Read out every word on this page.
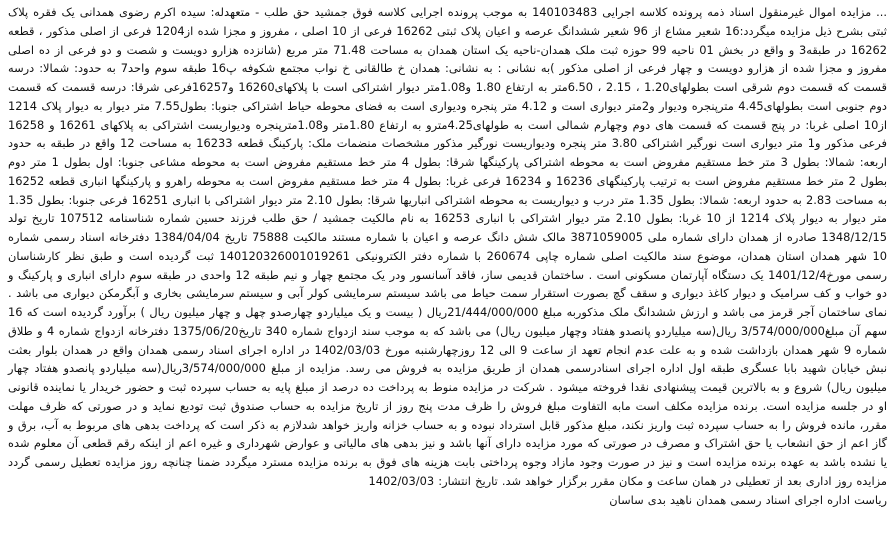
... مزایده اموال غیرمنقول اسناد ذمه پرونده کلاسه اجرایی 140103483 به موجب پرونده اجرایی کلاسه فوق جمشید حق طلب - متعهدله: سیده اکرم رضوی همدانی یک فقره پلاک ثبتی بشرح ذیل مزایده میگردد:16 شعیر مشاع از 96 شعیر ششدانگ عرصه و اعیان پلاک ثبتی 16262 فرعی از 10 اصلی ، مفروز و مجزا شده از1204 فرعی از اصلی مذکور ، قطعه 16262 در طبقه3 و واقع در بخش 01 ناحیه 99 حوزه ثبت ملک همدان-ناحیه یک استان همدان به مساحت 71.48 متر مربع (شانزده هزارو دویست و شصت و دو فرعی از ده اصلی مفروز و مجزا شده از هزارو دویست و چهار فرعی از اصلی مذکور )به نشانی : به نشانی: همدان خ طالقانی خ نواب مجتمع شکوفه پ16 طبقه سوم واحد7 به حدود: شمالا: درسه قسمت که قسمت دوم شرقی است بطولهای1.20 ، 2.15 ، 6.50متر به ارتفاع 1.80 و1.08متر دیوار اشتراکی است با پلاکهای16260 و16257فرعی شرقا: درسه قسمت که قسمت دوم جنوبی است بطولهای4.45 مترپنجره ودیوار و2متر دیواری است و 4.12 متر پنجره ودیواری است به فضای محوطه حیاط اشتراکی جنوبا: بطول7.55 متر دیوار به دیوار پلاک 1214 از10 اصلی غربا: در پنج قسمت که قسمت های دوم وچهارم شمالی است به طولهای4.25مترو به ارتفاع 1.80متر و1.08مترپنجره ودیواریست اشتراکی به پلاکهای 16261 و 16258 فرعی مذکور و1 متر دیواری است نورگیر اشتراکی 3.80 متر پنجره ودیواریست نورگیر مذکور مشخصات منضمات ملک: پارکینگ قطعه 16233 به مساحت 12 واقع در طبقه به حدود اربعه: شمالا: بطول 3 متر خط مستقیم مفروض است به محوطه اشتراکی پارکینگها شرقا: بطول 4 متر خط مستقیم مفروض است به محوطه مشاعی جنوبا: اول بطول 1 متر دوم بطول 2 متر خط مستقیم مفروض است به ترتیب پارکینگهای 16236 و 16234 فرعی غربا: بطول 4 متر خط مستقیم مفروض است به محوطه راهرو و پارکینگها انباری قطعه 16252 به مساحت 2.83 به حدود اربعه: شمالا: بطول 1.35 متر درب و دیواریست به محوطه اشتراکی انباریها شرقا: بطول 2.10 متر دیوار اشتراکی با انباری 16251 فرعی جنوبا: بطول 1.35 متر دیوار به دیوار پلاک 1214 از 10 غربا: بطول 2.10 متر دیوار اشتراکی با انباری 16253 به نام مالکیت جمشید / حق طلب فرزند حسین شماره شناسنامه 107512 تاریخ تولد 1348/12/15 صادره از همدان دارای شماره ملی 3871059005 مالک شش دانگ عرصه و اعیان با شماره مستند مالکیت 75888 تاریخ 1384/04/04 دفترخانه اسناد رسمی شماره 10 شهر همدان استان همدان، موضوع سند مالکیت اصلی شماره چاپی 260674 با شماره دفتر الکترونیکی 140120326001019261 ثبت گردیده است و طبق نظر کارشناسان رسمی مورخ1401/12/4 یک دستگاه آپارتمان مسکونی است . ساختمان قدیمی ساز، فاقد آسانسور ودر یک مجتمع چهار و نیم طبقه 12 واحدی در طبقه سوم دارای انباری و پارکینگ و دو خواب و کف سرامیک و دیوار کاغذ دیواری و سقف گچ بصورت استقرار سمت حیاط می باشد سیستم سرمایشی کولر آبی و سیستم سرمایشی بخاری و آبگرمکن دیواری می باشد . نمای ساختمان آجر قرمز می باشد و ارزش ششدانگ ملک مذکوربه مبلغ 21/444/000/000ریال ( بیست و یک میلیاردو چهارصدو چهل و چهار میلیون ریال ) برآورد گردیده است که 16 سهم آن مبلغ3/574/000/000 ریال(سه میلیاردو پانصدو هفتاد وچهار میلیون ریال) می باشد که به موجب سند ازدواج شماره 340 تاریخ1375/06/20 دفترخانه ازدواج شماره 4 و طلاق شماره 9 شهر همدان بازداشت شده و به علت عدم انجام تعهد از ساعت 9 الی 12 روزچهارشنبه مورخ 1402/03/03 در اداره اجرای اسناد رسمی همدان واقع در همدان بلوار بعثت نبش خیابان شهید بابا عسگری طبقه اول اداره اجرای اسنادرسمی همدان از طریق مزایده به فروش می رسد. مزایده از مبلغ 3/574/000/000ریال(سه میلیاردو پانصدو هفتاد چهار میلیون ریال) شروع و به بالاترین قیمت پیشنهادی نقدا فروخته میشود . شرکت در مزایده منوط به پرداخت ده درصد از مبلغ پایه به حساب سپرده ثبت و حضور خریدار یا نماینده قانونی او در جلسه مزایده است. برنده مزایده مکلف است مابه التفاوت مبلغ فروش را ظرف مدت پنج روز از تاریخ مزایده به حساب صندوق ثبت تودیع نماید و در صورتی که ظرف مهلت مقرر، مانده فروش را به حساب سپرده ثبت واریز نکند، مبلغ مذکور قابل استرداد نبوده و به حساب خزانه واریز خواهد شدلازم به ذکر است که پرداخت بدهی های مربوط به آب، برق و گاز اعم از حق انشعاب یا حق اشتراک و مصرف در صورتی که مورد مزایده دارای آنها باشد و نیز بدهی های مالیاتی و عوارض شهرداری و غیره اعم از اینکه رقم قطعی آن معلوم شده یا نشده باشد به عهده برنده مزایده است و نیز در صورت وجود مازاد وجوه پرداختی بابت هزینه های فوق به برنده مزایده مسترد میگردد ضمنا چنانچه روز مزایده تعطیل رسمی گردد مزایده روز اداری بعد از تعطیلی در همان ساعت و مکان مقرر برگزار خواهد شد. تاریخ انتشار: 1402/03/03

ریاست اداره اجرای اسناد رسمی همدان ناهید بدی ساسان
